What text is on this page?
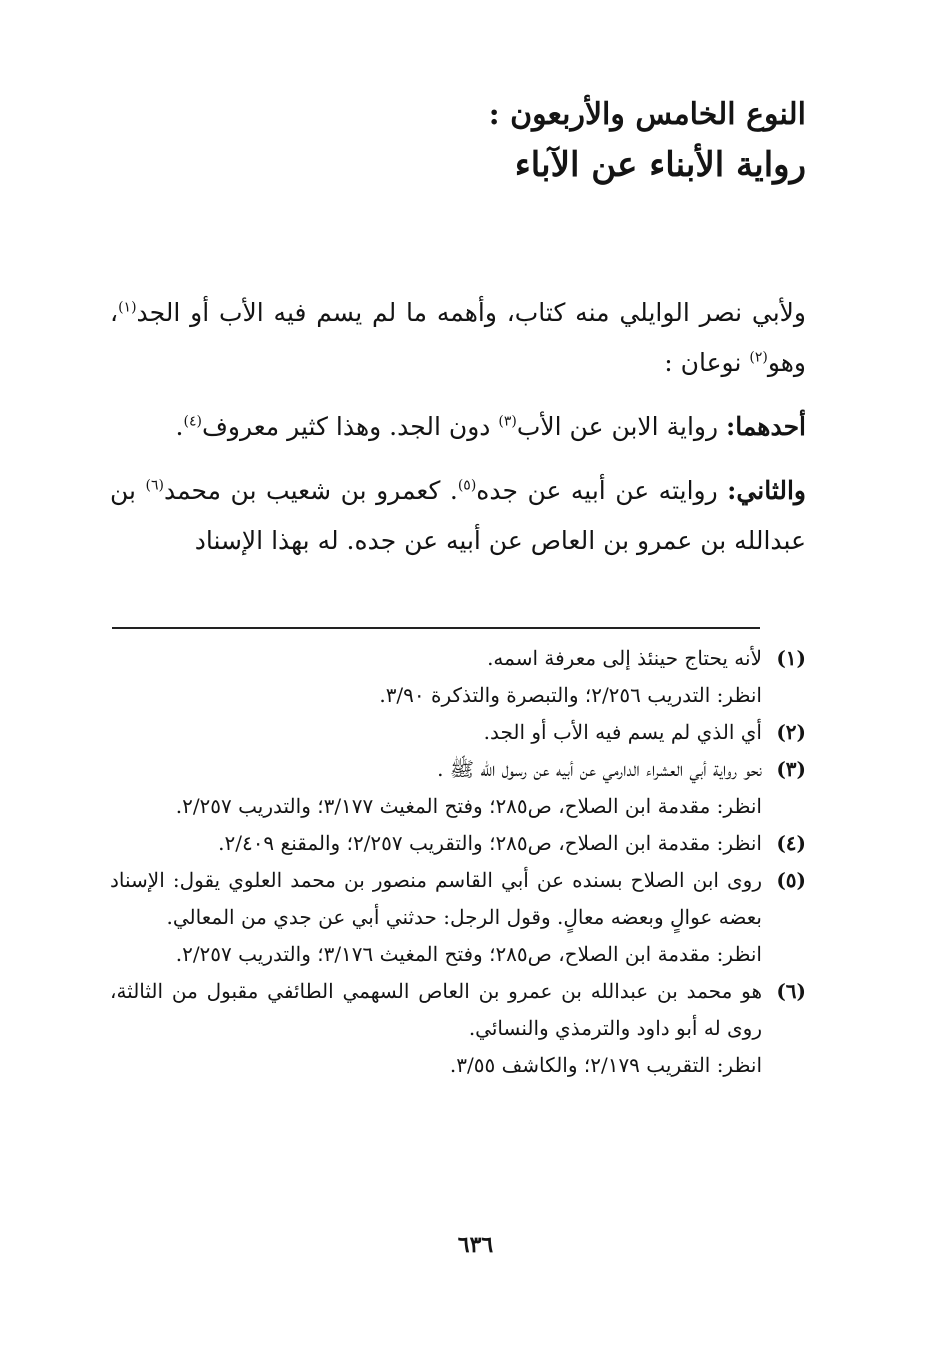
النوع الخامس والأربعون :
رواية الأبناء عن الآباء

ولأبي نصر الوايلي منه كتاب، وأهمه ما لم يسم فيه الأب أو الجد$^{(١)}$، وهو$^{(٢)}$ نوعان :

أحدهما: رواية الابن عن الأب$^{(٣)}$ دون الجد. وهذا كثير معروف$^{(٤)}$.

والثاني: روايته عن أبيه عن جده$^{(٥)}$. كعمرو بن شعيب بن محمد$^{(٦)}$ بن عبدالله بن عمرو بن العاص عن أبيه عن جده. له بهذا الإسناد

(١)
لأنه يحتاج حينئذ إلى معرفة اسمه.
انظر: التدريب ٢/٢٥٦؛ والتبصرة والتذكرة ٣/٩٠.
(٢)
أي الذي لم يسم فيه الأب أو الجد.
(٣)
نحو رواية أبي العشراء الدارمي عن أبيه عن رسول الله ﷺ .
انظر: مقدمة ابن الصلاح، ص٢٨٥؛ وفتح المغيث ٣/١٧٧؛ والتدريب ٢/٢٥٧.
(٤)
انظر: مقدمة ابن الصلاح، ص٢٨٥؛ والتقريب ٢/٢٥٧؛ والمقنع ٢/٤٠٩.
(٥)
روى ابن الصلاح بسنده عن أبي القاسم منصور بن محمد العلوي يقول: الإسناد بعضه عوالٍ وبعضه معالٍ. وقول الرجل: حدثني أبي عن جدي من المعالي.
انظر: مقدمة ابن الصلاح، ص٢٨٥؛ وفتح المغيث ٣/١٧٦؛ والتدريب ٢/٢٥٧.
(٦)
هو محمد بن عبدالله بن عمرو بن العاص السهمي الطائفي مقبول من الثالثة، روى له أبو داود والترمذي والنسائي.
انظر: التقريب ٢/١٧٩؛ والكاشف ٣/٥٥.
٦٣٦
